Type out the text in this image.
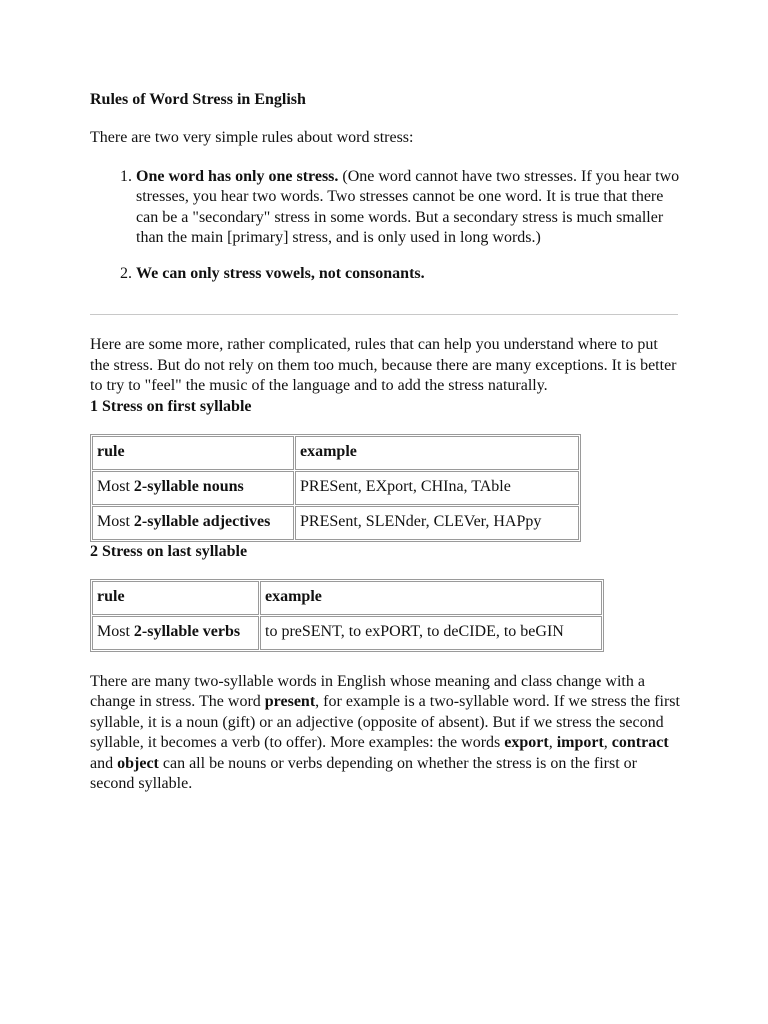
Rules of Word Stress in English

There are two very simple rules about word stress:

1. One word has only one stress. (One word cannot have two stresses. If you hear two stresses, you hear two words. Two stresses cannot be one word. It is true that there can be a "secondary" stress in some words. But a secondary stress is much smaller than the main [primary] stress, and is only used in long words.)
2. We can only stress vowels, not consonants.

Here are some more, rather complicated, rules that can help you understand where to put the stress. But do not rely on them too much, because there are many exceptions. It is better to try to "feel" the music of the language and to add the stress naturally.

1 Stress on first syllable
rule	example
Most 2-syllable nouns	PRESent, EXport, CHIna, TAble
Most 2-syllable adjectives	PRESent, SLENder, CLEVer, HAPpy
2 Stress on last syllable
rule	example
Most 2-syllable verbs	to preSENT, to exPORT, to deCIDE, to beGIN

There are many two-syllable words in English whose meaning and class change with a change in stress. The word present, for example is a two-syllable word. If we stress the first syllable, it is a noun (gift) or an adjective (opposite of absent). But if we stress the second syllable, it becomes a verb (to offer). More examples: the words export, import, contract and object can all be nouns or verbs depending on whether the stress is on the first or second syllable.
